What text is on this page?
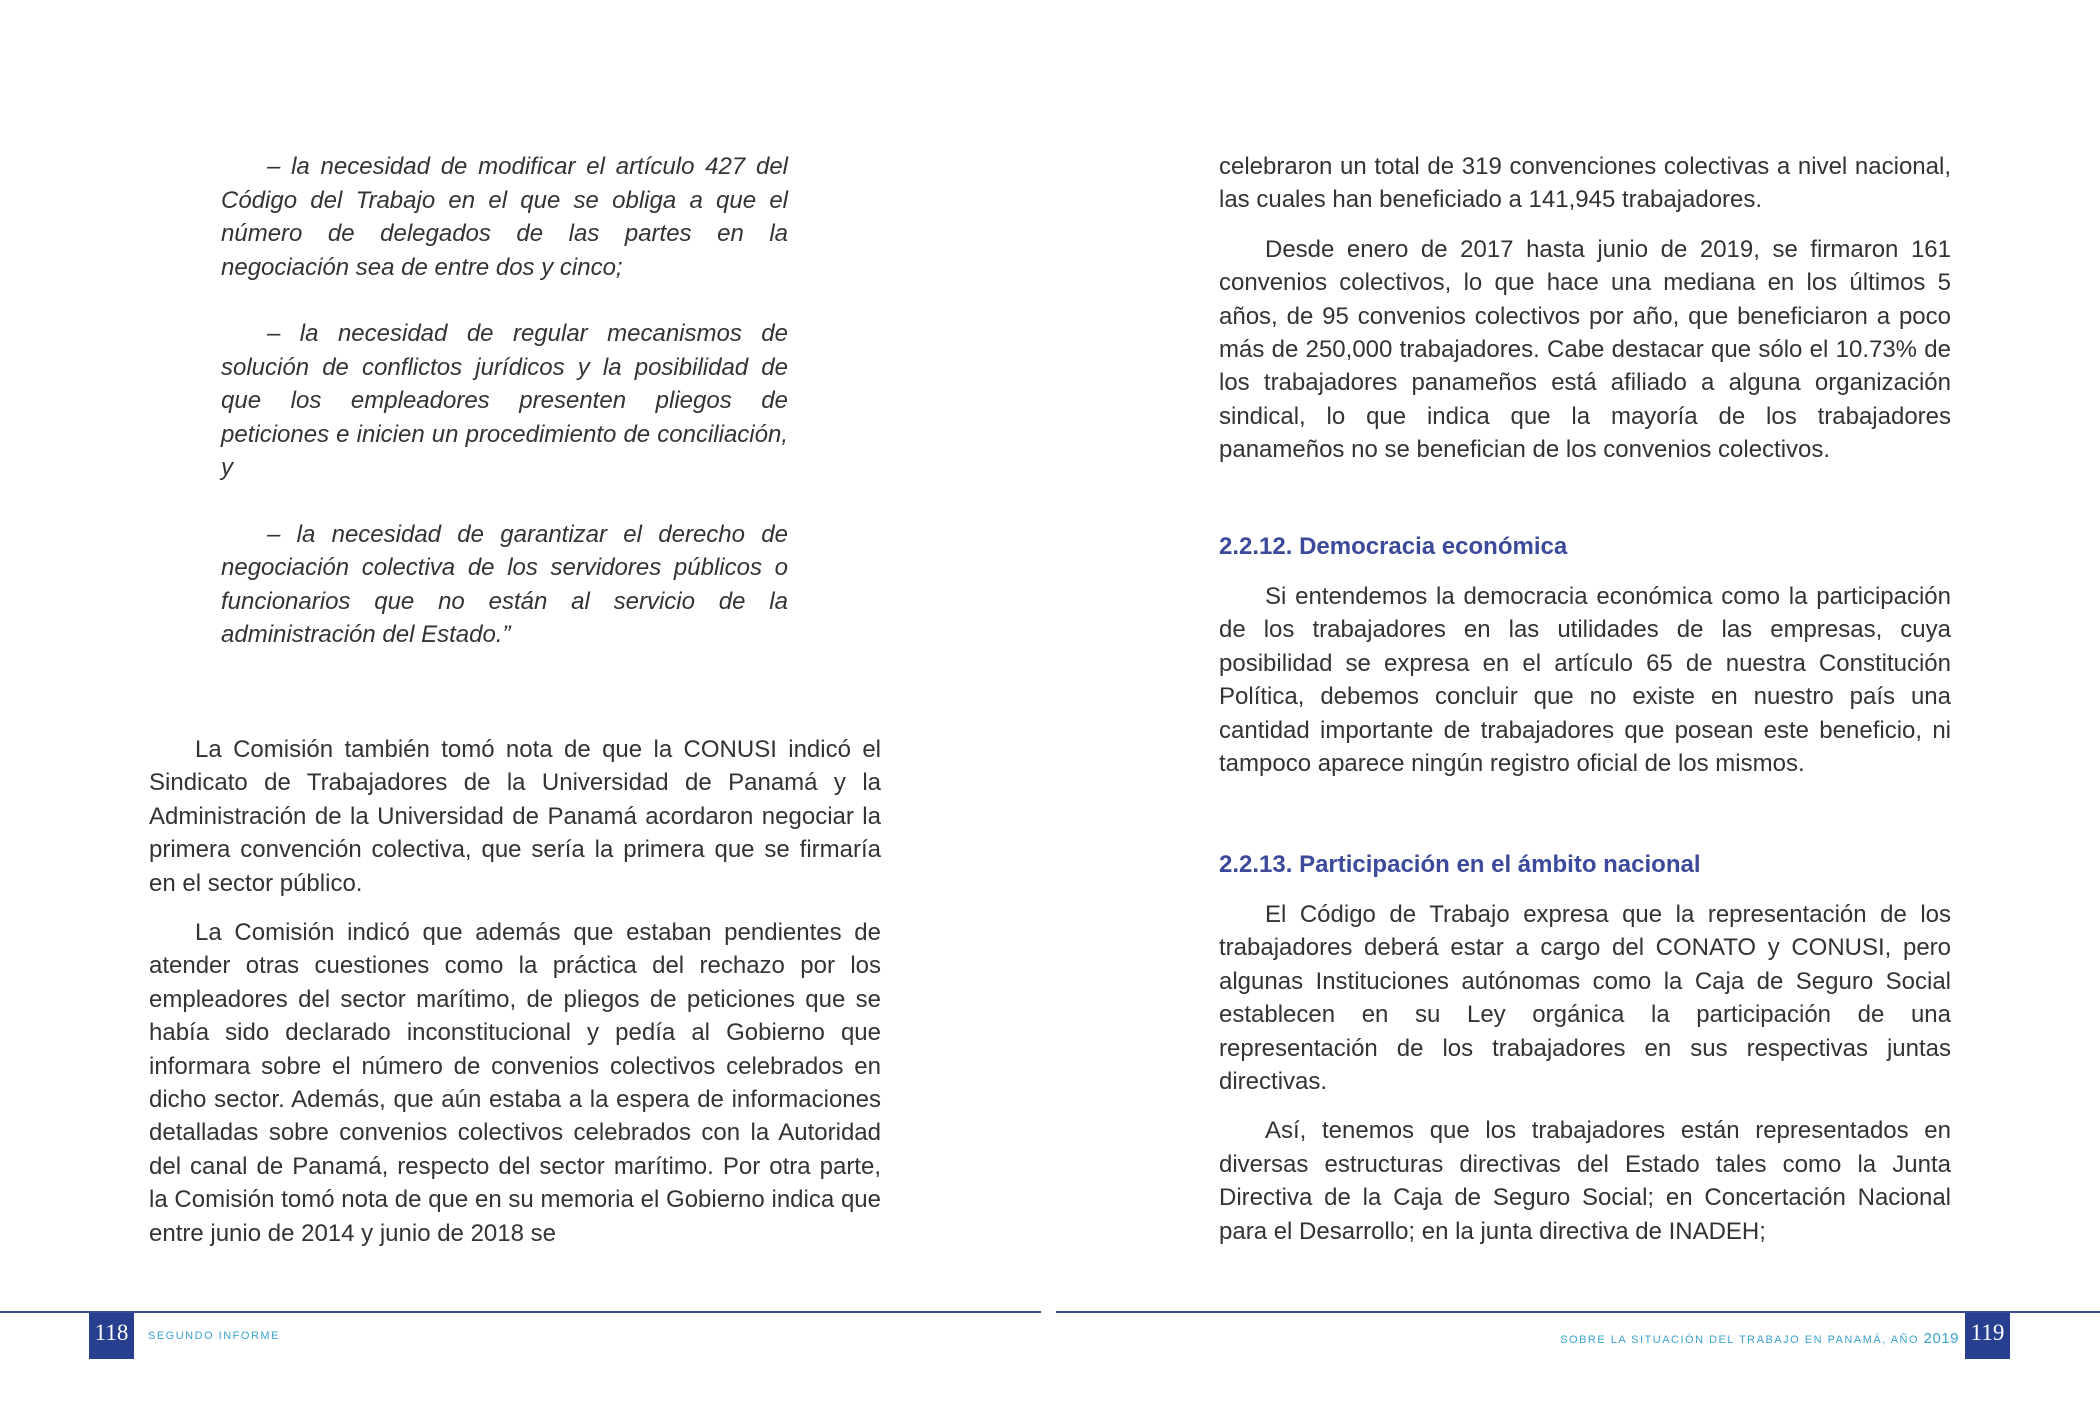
– la necesidad de modificar el artículo 427 del Código del Trabajo en el que se obliga a que el número de delegados de las partes en la negociación sea de entre dos y cinco;

– la necesidad de regular mecanismos de solución de conflictos jurídicos y la posibilidad de que los empleadores presenten pliegos de peticiones e inicien un procedimiento de conciliación, y

– la necesidad de garantizar el derecho de negociación colectiva de los servidores públicos o funcionarios que no están al servicio de la administración del Estado.”

La Comisión también tomó nota de que la CONUSI indicó el Sindicato de Trabajadores de la Universidad de Panamá y la Administración de la Universidad de Panamá acordaron negociar la primera convención colectiva, que sería la primera que se firmaría en el sector público.

La Comisión indicó que además que estaban pendientes de atender otras cuestiones como la práctica del rechazo por los empleadores del sector marítimo, de pliegos de peticiones que se había sido declarado inconstitucional y pedía al Gobierno que informara sobre el número de convenios colectivos celebrados en dicho sector. Además, que aún estaba a la espera de informaciones detalladas sobre convenios colectivos celebrados con la Autoridad del canal de Panamá, respecto del sector marítimo. Por otra parte, la Comisión tomó nota de que en su memoria el Gobierno indica que entre junio de 2014 y junio de 2018 se

118	SEGUNDO INFORME

celebraron un total de 319 convenciones colectivas a nivel nacional, las cuales han beneficiado a 141,945 trabajadores.

Desde enero de 2017 hasta junio de 2019, se firmaron 161 convenios colectivos, lo que hace una mediana en los últimos 5 años, de 95 convenios colectivos por año, que beneficiaron a poco más de 250,000 trabajadores. Cabe destacar que sólo el 10.73% de los trabajadores panameños está afiliado a alguna organización sindical, lo que indica que la mayoría de los trabajadores panameños no se benefician de los convenios colectivos.

2.2.12. Democracia económica

Si entendemos la democracia económica como la participación de los trabajadores en las utilidades de las empresas, cuya posibilidad se expresa en el artículo 65 de nuestra Constitución Política, debemos concluir que no existe en nuestro país una cantidad importante de trabajadores que posean este beneficio, ni tampoco aparece ningún registro oficial de los mismos.

2.2.13. Participación en el ámbito nacional

El Código de Trabajo expresa que la representación de los trabajadores deberá estar a cargo del CONATO y CONUSI, pero algunas Instituciones autónomas como la Caja de Seguro Social establecen en su Ley orgánica la participación de una representación de los trabajadores en sus respectivas juntas directivas.

Así, tenemos que los trabajadores están representados en diversas estructuras directivas del Estado tales como la Junta Directiva de la Caja de Seguro Social; en Concertación Nacional para el Desarrollo; en la junta directiva de INADEH;

SOBRE LA SITUACIÓN DEL TRABAJO EN PANAMÁ, AÑO 2019 119
